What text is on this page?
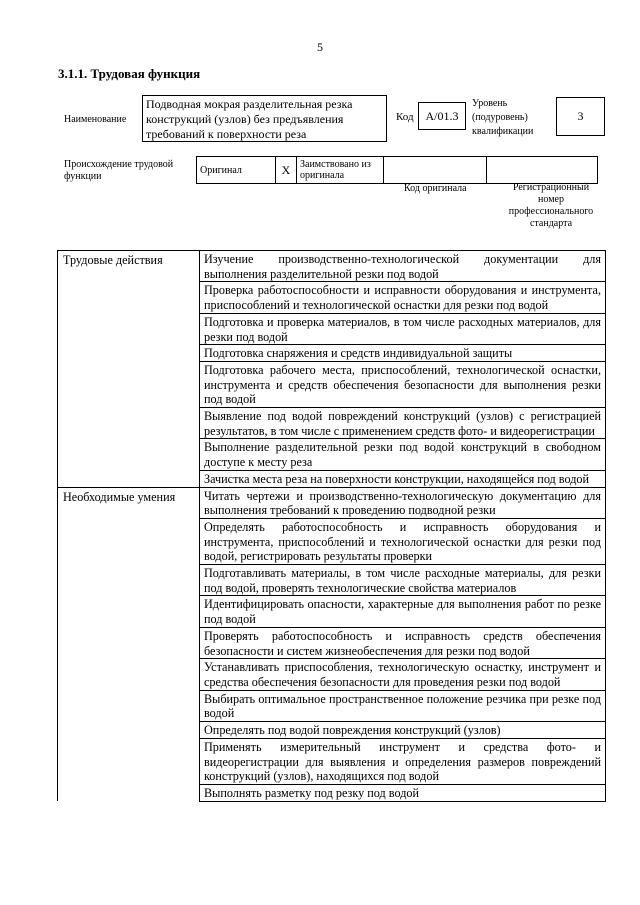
5
3.1.1. Трудовая функция
Наименование
Подводная мокрая разделительная резка конструкций (узлов) без предъявления требований к поверхности реза
Код A/01.3
Уровень
(подуровень)
квалификации
3
Происхождение трудовой
функции
Оригинал	X	Заимствовано из
оригинала

Код оригинала	Регистрационный
номер
профессионального
стандарта
Трудовые действия	Изучение производственно-технологической документации для выполнения разделительной резки под водой
	Проверка работоспособности и исправности оборудования и инструмента, приспособлений и технологической оснастки для резки под водой
	Подготовка и проверка материалов, в том числе расходных материалов, для резки под водой
	Подготовка снаряжения и средств индивидуальной защиты
	Подготовка рабочего места, приспособлений, технологической оснастки, инструмента и средств обеспечения безопасности для выполнения резки под водой
	Выявление под водой повреждений конструкций (узлов) с регистрацией результатов, в том числе с применением средств фото- и видеорегистрации
	Выполнение разделительной резки под водой конструкций в свободном доступе к месту реза
	Зачистка места реза на поверхности конструкции, находящейся под водой
Необходимые умения	Читать чертежи и производственно-технологическую документацию для выполнения требований к проведению подводной резки
	Определять работоспособность и исправность оборудования и инструмента, приспособлений и технологической оснастки для резки под водой, регистрировать результаты проверки
	Подготавливать материалы, в том числе расходные материалы, для резки под водой, проверять технологические свойства материалов
	Идентифицировать опасности, характерные для выполнения работ по резке под водой
	Проверять работоспособность и исправность средств обеспечения безопасности и систем жизнеобеспечения для резки под водой
	Устанавливать приспособления, технологическую оснастку, инструмент и средства обеспечения безопасности для проведения резки под водой
	Выбирать оптимальное пространственное положение резчика при резке под водой
	Определять под водой повреждения конструкций (узлов)
	Применять измерительный инструмент и средства фото- и видеорегистрации для выявления и определения размеров повреждений конструкций (узлов), находящихся под водой
	Выполнять разметку под резку под водой
